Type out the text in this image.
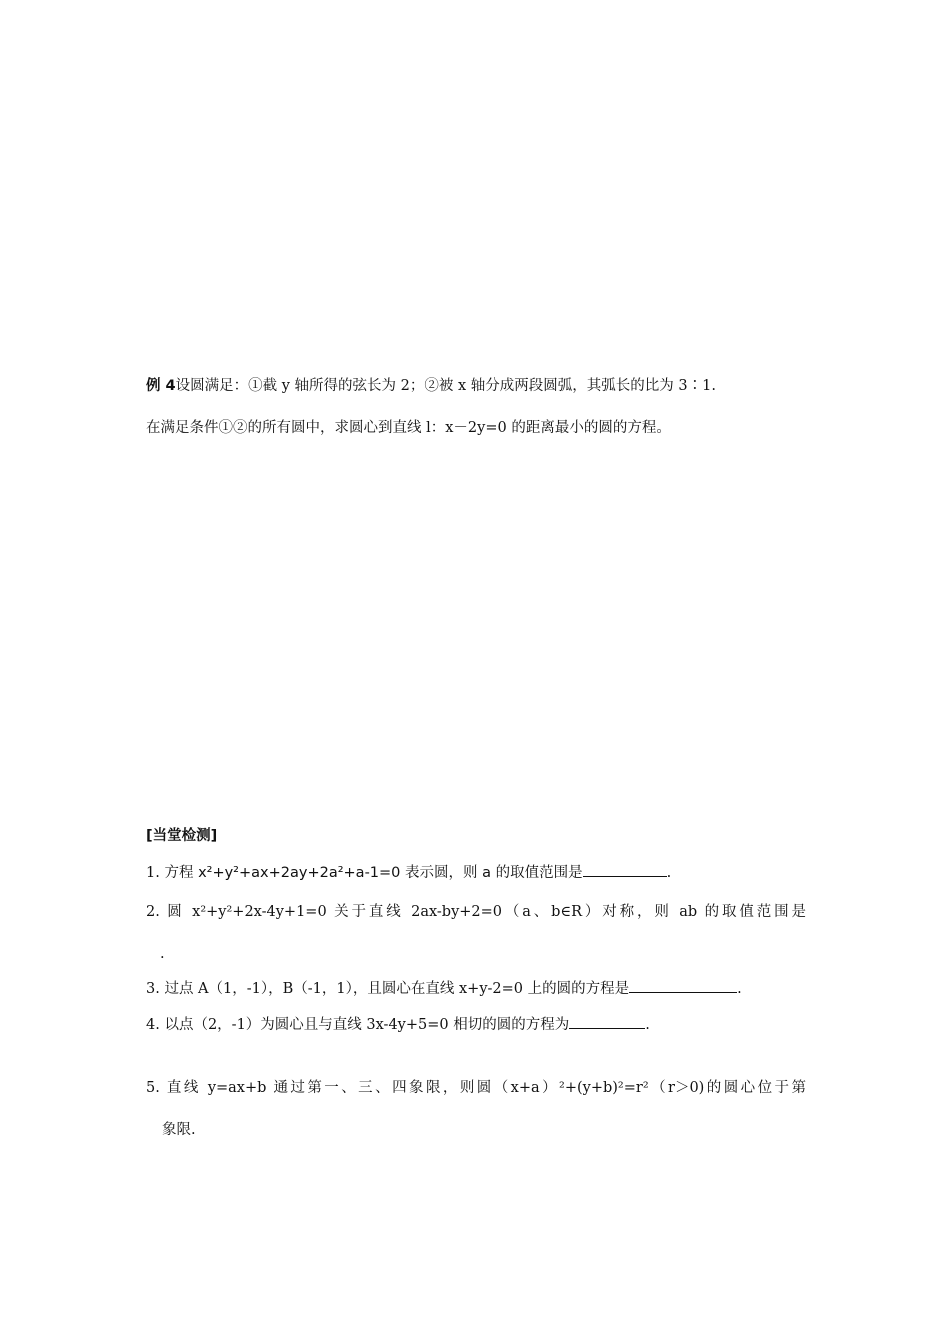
例 4设圆满足：①截 y 轴所得的弦长为 2；②被 x 轴分成两段圆弧，其弧长的比为 3∶1.
在满足条件①②的所有圆中，求圆心到直线 l：x－2y=0 的距离最小的圆的方程。
[当堂检测]
1. 方程 x²+y²+ax+2ay+2a²+a-1=0 表示圆，则 a 的取值范围是	.
2. 圆 x²+y²+2x-4y+1=0 关于直线 2ax-by+2=0（a、b∈R）对称，则 ab 的取值范围是
.
3. 过点 A（1，-1），B（-1，1），且圆心在直线 x+y-2=0 上的圆的方程是	.
4. 以点（2，-1）为圆心且与直线 3x-4y+5=0 相切的圆的方程为	.
5. 直线 y=ax+b 通过第一、三、四象限，则圆（x+a）²+(y+b)²=r²（r＞0)的圆心位于第
象限.
